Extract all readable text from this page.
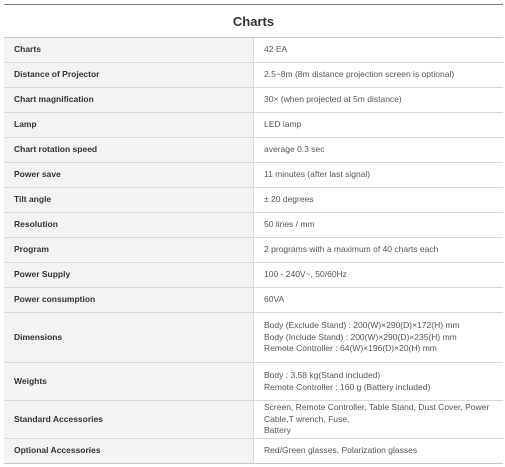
Charts	
Charts	42 EA

Distance of Projector	2.5~8m (8m distance projection screen is optional)

Chart magnification	30× (when projected at 5m distance)

Lamp	LED lamp

Chart rotation speed	average 0.3 sec

Power save	11 minutes (after last signal)

Tilt angle	± 20 degrees

Resolution	50 lines / mm

Program	2 programs with a maximum of 40 charts each

Power Supply	100 - 240V~, 50/60Hz

Power consumption	60VA

Dimensions	Body (Exclude Stand) : 200(W)×290(D)×172(H) mm
Body (Include Stand) : 200(W)×290(D)×235(H) mm
Remote Controller : 64(W)×196(D)×20(H) mm

Weights	Body : 3.58 kg(Stand included)
Remote Controller : 160 g (Battery included)

Standard Accessories	Screen, Remote Controller, Table Stand, Dust Cover, Power Cable,T wrench, Fuse,
Battery

Optional Accessories	Red/Green glasses, Polarization glasses
